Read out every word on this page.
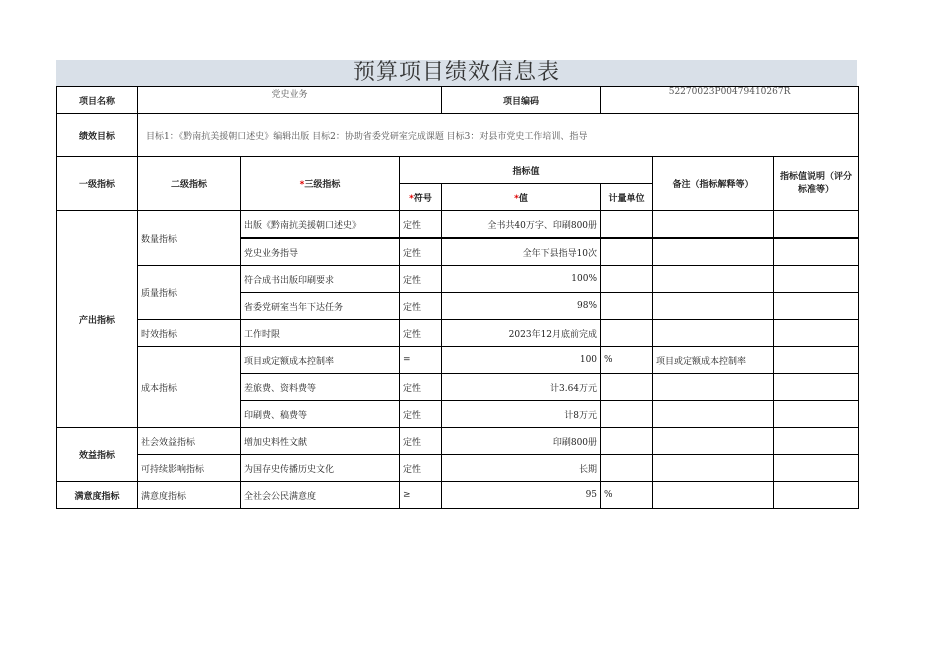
预算项目绩效信息表
项目名称	党史业务			项目编码	52270023P00479410267R		
绩效目标	目标1：《黔南抗美援朝口述史》编辑出版 目标2：协助省委党研室完成课题 目标3：对县市党史工作培训、指导						
一级指标	二级指标	*三级指标	指标值			备注（指标解释等）	指标值说明（评分标准等）
			*符号	*值	计量单位		
产出指标	数量指标	出版《黔南抗美援朝口述史》	定性	全书共40万字、印刷800册			
		党史业务指导	定性	全年下县指导10次			
	质量指标	符合成书出版印刷要求	定性	100%			
		省委党研室当年下达任务	定性	98%			
	时效指标	工作时限	定性	2023年12月底前完成			
	成本指标	项目或定额成本控制率	=	100	%	项目或定额成本控制率	
		差旅费、资料费等	定性	计3.64万元			
		印刷费、稿费等	定性	计8万元			
效益指标	社会效益指标	增加史料性文献	定性	印刷800册			
	可持续影响指标	为国存史传播历史文化	定性	长期			
满意度指标	满意度指标	全社会公民满意度	≥	95	%		
